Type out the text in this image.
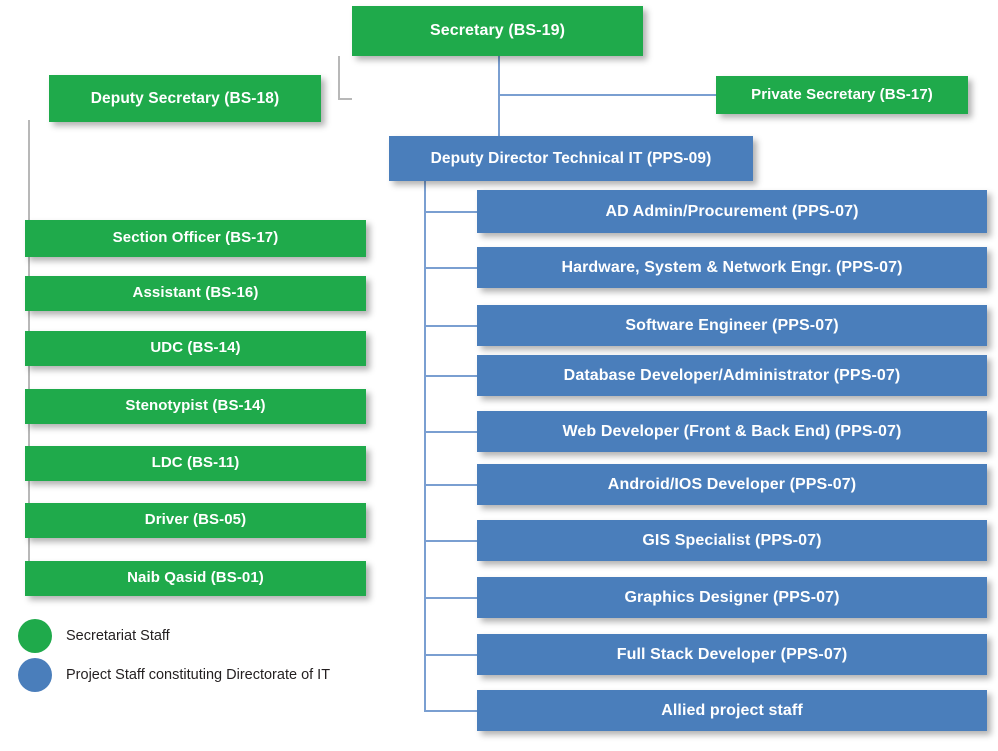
Secretary (BS-19)
Deputy Secretary (BS-18)	Private Secretary (BS-17)
Deputy Director Technical IT (PPS-09)
Section Officer (BS-17)
Assistant (BS-16)
UDC (BS-14)
Stenotypist (BS-14)
LDC (BS-11)
Driver (BS-05)
Naib Qasid (BS-01)
AD Admin/Procurement (PPS-07)
Hardware, System & Network Engr. (PPS-07)
Software Engineer (PPS-07)
Database Developer/Administrator (PPS-07)
Web Developer (Front & Back End) (PPS-07)
Android/IOS Developer (PPS-07)
GIS Specialist (PPS-07)
Graphics Designer (PPS-07)
Full Stack Developer (PPS-07)
Allied project staff
Secretariat Staff
Project Staff constituting Directorate of IT
